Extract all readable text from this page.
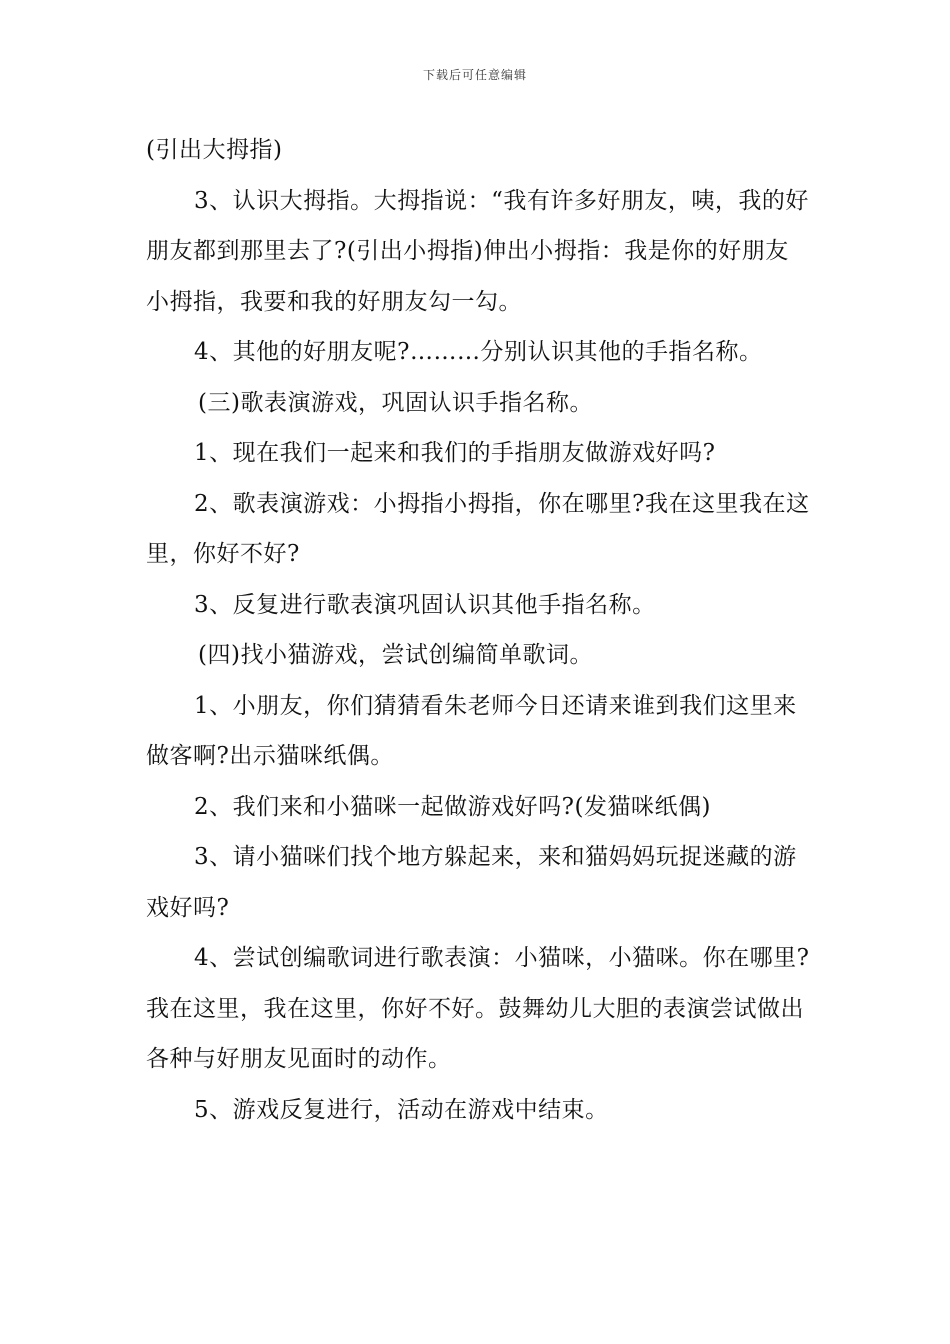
下载后可任意编辑

(引出大拇指)

3、认识大拇指。大拇指说：“我有许多好朋友，咦，我的好朋友都到那里去了?(引出小拇指)伸出小拇指：我是你的好朋友小拇指，我要和我的好朋友勾一勾。

4、其他的好朋友呢?………分别认识其他的手指名称。

(三)歌表演游戏，巩固认识手指名称。

1、现在我们一起来和我们的手指朋友做游戏好吗?

2、歌表演游戏：小拇指小拇指，你在哪里?我在这里我在这里，你好不好?

3、反复进行歌表演巩固认识其他手指名称。

(四)找小猫游戏，尝试创编简单歌词。

1、小朋友，你们猜猜看朱老师今日还请来谁到我们这里来做客啊?出示猫咪纸偶。

2、我们来和小猫咪一起做游戏好吗?(发猫咪纸偶)

3、请小猫咪们找个地方躲起来，来和猫妈妈玩捉迷藏的游戏好吗?

4、尝试创编歌词进行歌表演：小猫咪，小猫咪。你在哪里?我在这里，我在这里，你好不好。鼓舞幼儿大胆的表演尝试做出各种与好朋友见面时的动作。

5、游戏反复进行，活动在游戏中结束。
